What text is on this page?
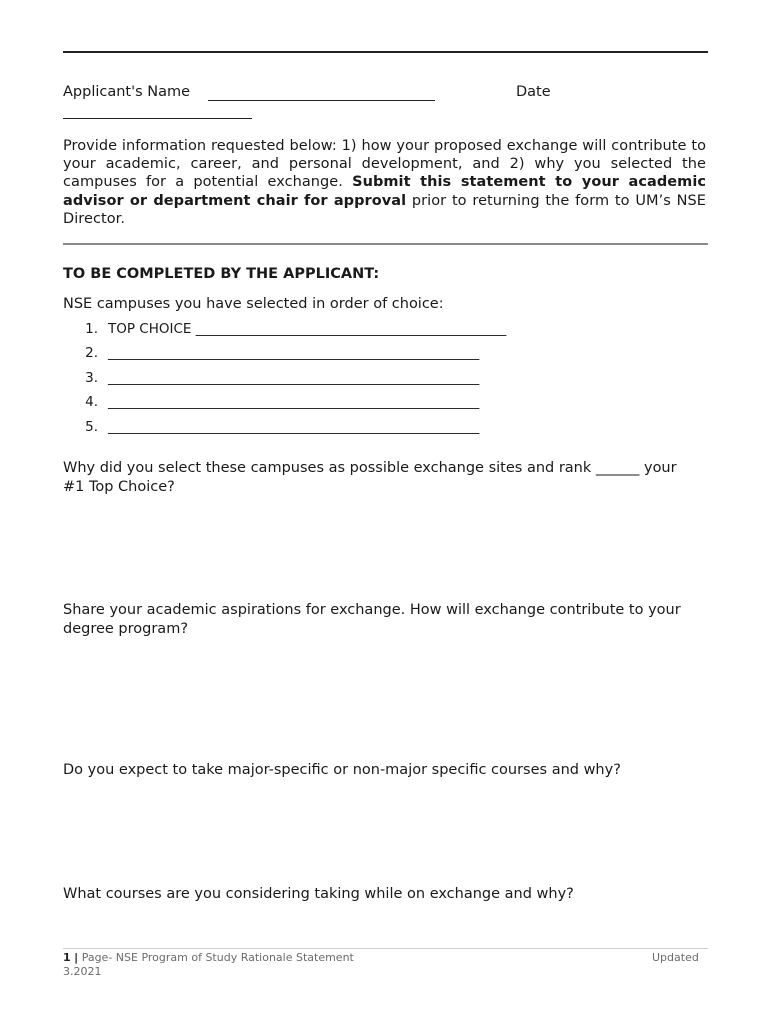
Applicant's Name	Date
Provide information requested below: 1) how your proposed exchange will contribute to your academic, career, and personal development, and 2) why you selected the campuses for a potential exchange. Submit this statement to your academic advisor or department chair for approval prior to returning the form to UM’s NSE Director.
TO BE COMPLETED BY THE APPLICANT:
NSE campuses you have selected in order of choice:
1. TOP CHOICE ______________________________________________
2. _______________________________________________________
3. _______________________________________________________
4. _______________________________________________________
5. _______________________________________________________
Why did you select these campuses as possible exchange sites and rank ______ your #1 Top Choice?
Share your academic aspirations for exchange. How will exchange contribute to your degree program?
Do you expect to take major-specific or non-major specific courses and why?
What courses are you considering taking while on exchange and why?
1 | Page- NSE Program of Study Rationale Statement	Updated
3.2021
